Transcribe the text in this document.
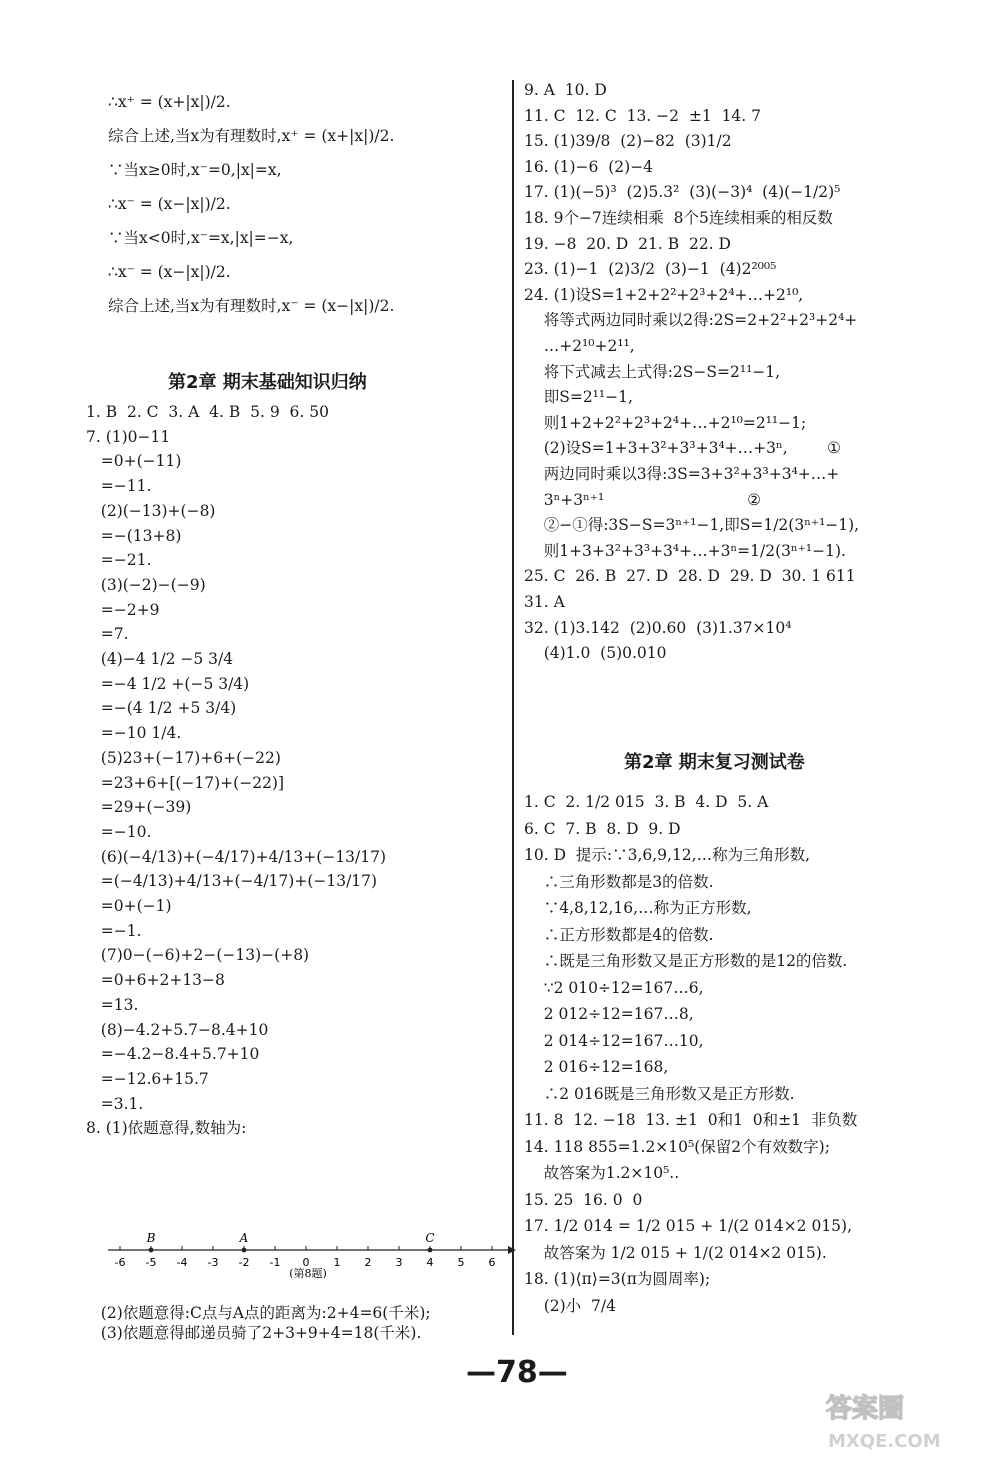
∴x⁺ = (x+|x|)/2.
综合上述,当x为有理数时,x⁺ = (x+|x|)/2.
∵当x≥0时,x⁻=0,|x|=x,
∴x⁻ = (x−|x|)/2.
∵当x<0时,x⁻=x,|x|=−x,
∴x⁻ = (x−|x|)/2.
综合上述,当x为有理数时,x⁻ = (x−|x|)/2.
第2章 期末基础知识归纳
1. B  2. C  3. A  4. B  5. 9  6. 50
7. (1)0−11
=0+(−11)
=−11.
(2)(−13)+(−8)
=−(13+8)
=−21.
(3)(−2)−(−9)
=−2+9
=7.
(4)−4 1/2 −5 3/4
=−4 1/2 +(−5 3/4)
=−(4 1/2 +5 3/4)
=−10 1/4.
(5)23+(−17)+6+(−22)
=23+6+[(−17)+(−22)]
=29+(−39)
=−10.
(6)(−4/13)+(−4/17)+4/13+(−13/17)
=(−4/13)+4/13+(−4/17)+(−13/17)
=0+(−1)
=−1.
(7)0−(−6)+2−(−13)−(+8)
=0+6+2+13−8
=13.
(8)−4.2+5.7−8.4+10
=−4.2−8.4+5.7+10
=−12.6+15.7
=3.1.
8. (1)依题意得,数轴为:
(2)依题意得:C点与A点的距离为:2+4=6(千米);
(3)依题意得邮递员骑了2+3+9+4=18(千米).
9. A  10. D
11. C  12. C  13. −2  ±1  14. 7
15. (1)39/8  (2)−82  (3)1/2
16. (1)−6  (2)−4
17. (1)(−5)³  (2)5.3²  (3)(−3)⁴  (4)(−1/2)⁵
18. 9个−7连续相乘  8个5连续相乘的相反数
19. −8  20. D  21. B  22. D
23. (1)−1  (2)3/2  (3)−1  (4)2²⁰⁰⁵
24. (1)设S=1+2+2²+2³+2⁴+…+2¹⁰,
将等式两边同时乘以2得:2S=2+2²+2³+2⁴+
…+2¹⁰+2¹¹,
将下式减去上式得:2S−S=2¹¹−1,
即S=2¹¹−1,
则1+2+2²+2³+2⁴+…+2¹⁰=2¹¹−1;
(2)设S=1+3+3²+3³+3⁴+…+3ⁿ,        ①
两边同时乘以3得:3S=3+3²+3³+3⁴+…+
3ⁿ+3ⁿ⁺¹                             ②
②−①得:3S−S=3ⁿ⁺¹−1,即S=1/2(3ⁿ⁺¹−1),
则1+3+3²+3³+3⁴+…+3ⁿ=1/2(3ⁿ⁺¹−1).
25. C  26. B  27. D  28. D  29. D  30. 1 611
31. A
32. (1)3.142  (2)0.60  (3)1.37×10⁴
(4)1.0  (5)0.010
第2章 期末复习测试卷
1. C  2. 1/2 015  3. B  4. D  5. A
6. C  7. B  8. D  9. D
10. D  提示:∵3,6,9,12,…称为三角形数,
∴三角形数都是3的倍数.
∵4,8,12,16,…称为正方形数,
∴正方形数都是4的倍数.
∴既是三角形数又是正方形数的是12的倍数.
∵2 010÷12=167…6,
2 012÷12=167…8,
2 014÷12=167…10,
2 016÷12=168,
∴2 016既是三角形数又是正方形数.
11. 8  12. −18  13. ±1  0和1  0和±1  非负数
14. 118 855=1.2×10⁵(保留2个有效数字);
故答案为1.2×10⁵..
15. 25  16. 0  0
17. 1/2 014 = 1/2 015 + 1/(2 014×2 015),
故答案为 1/2 015 + 1/(2 014×2 015).
18. (1)⟨π⟩=3(π为圆周率);
(2)小  7/4
-6 -5 -4 -3 -2 -1 0 1 2 3 4 5 6
B	A	C
(第8题)
—78—
答案圈
MXQE.COM
